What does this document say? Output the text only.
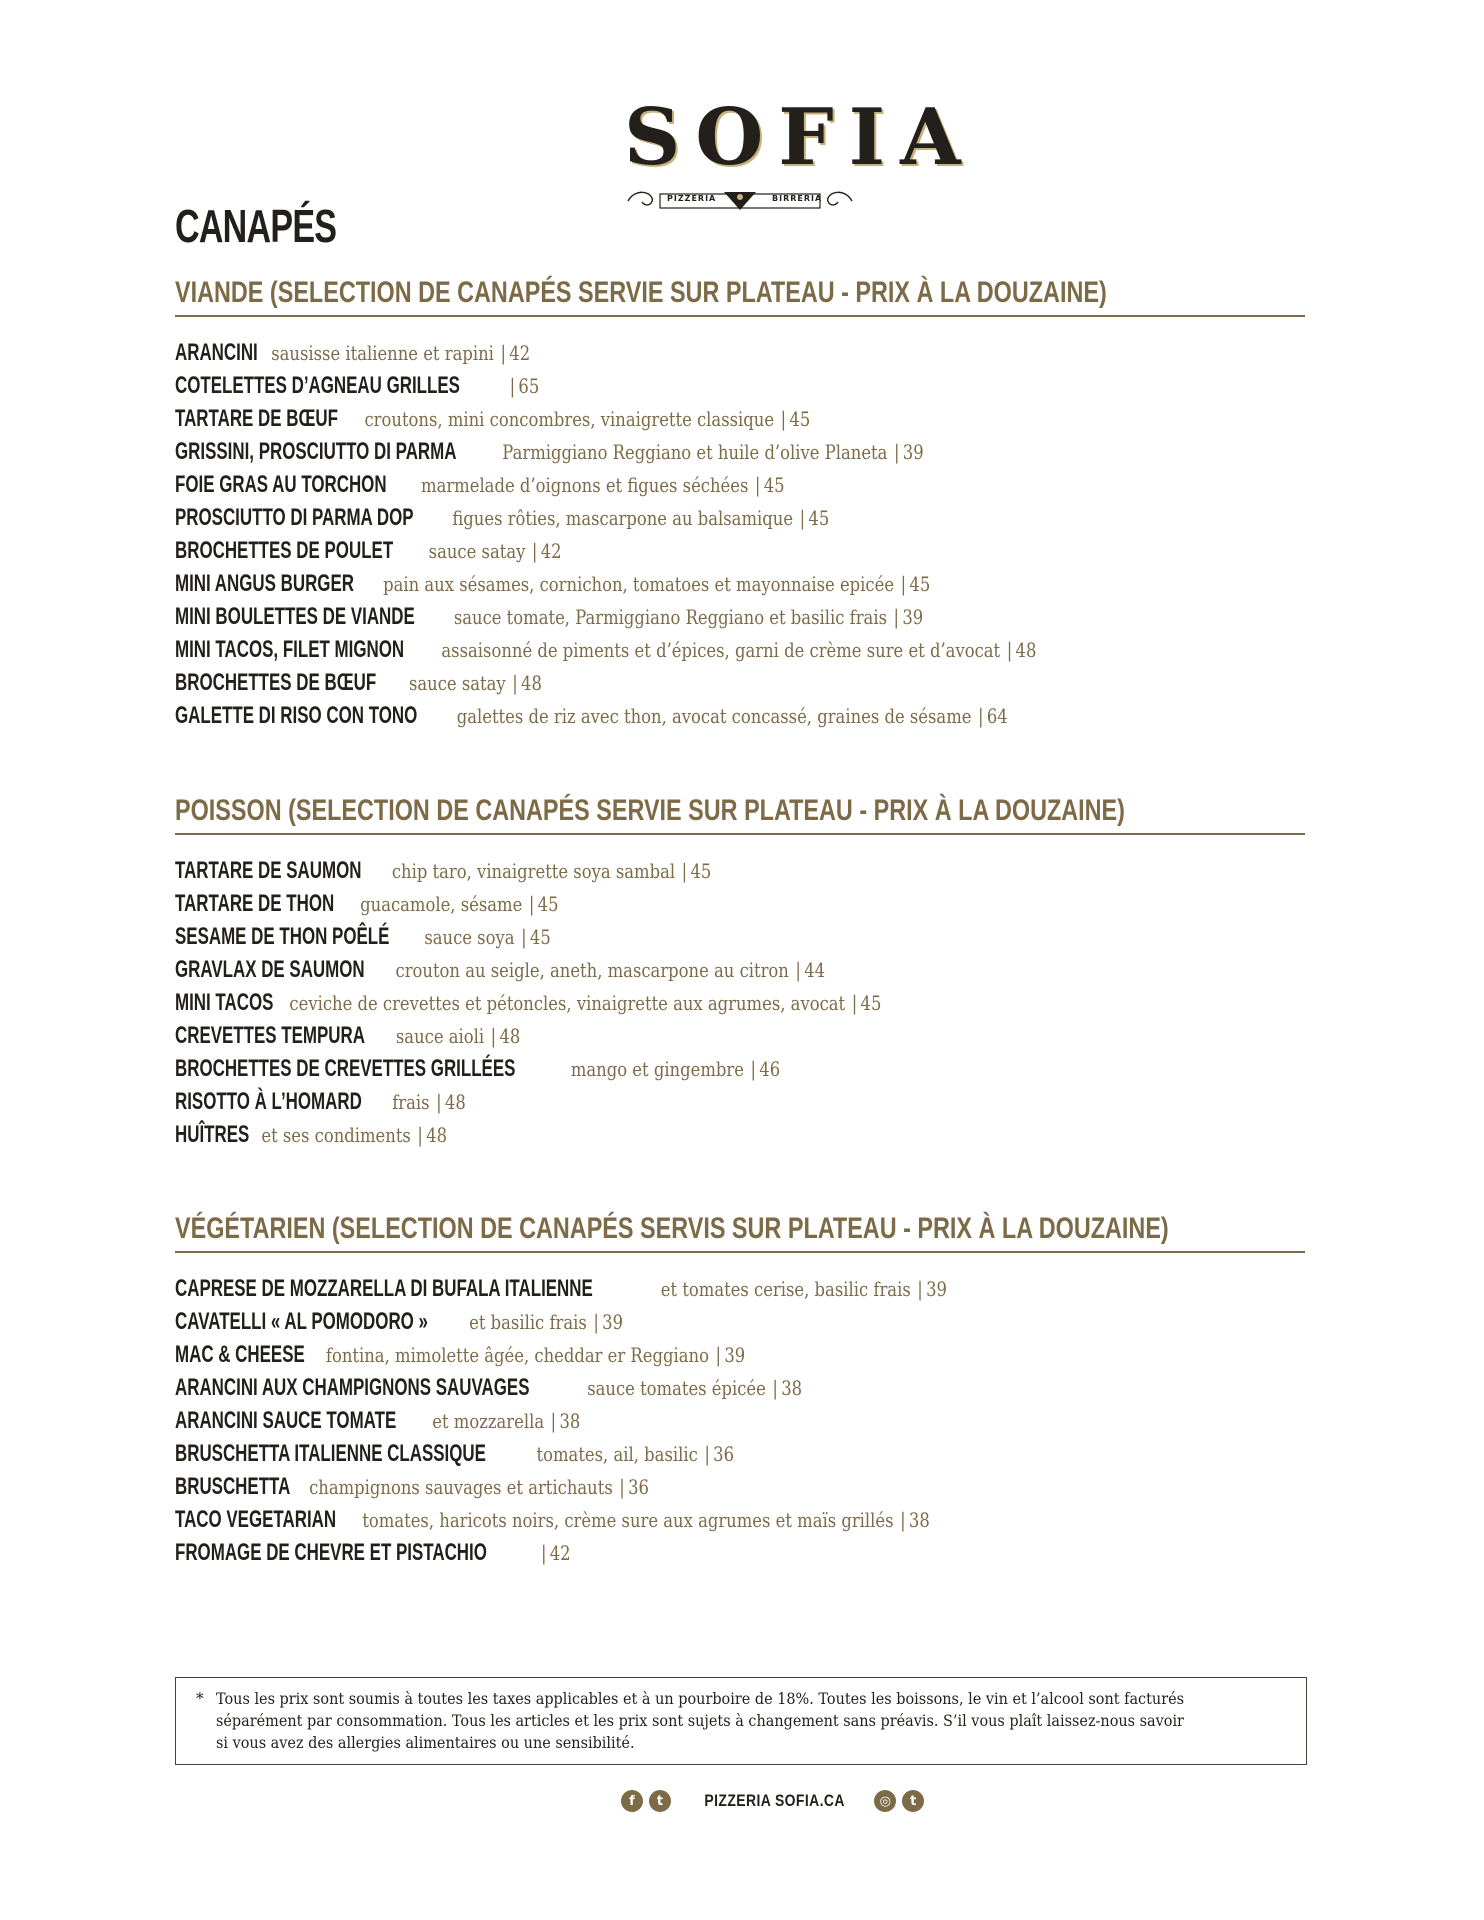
SOFIA
PIZZERIA	BIRRERIA
CANAPÉS
VIANDE (SELECTION DE CANAPÉS SERVIE SUR PLATEAU - PRIX À LA DOUZAINE)
ARANCINI sausisse italienne et rapini | 42
COTELETTES D’AGNEAU GRILLES | 65
TARTARE DE BŒUF croutons, mini concombres, vinaigrette classique | 45
GRISSINI, PROSCIUTTO DI PARMA Parmiggiano Reggiano et huile d’olive Planeta | 39
FOIE GRAS AU TORCHON marmelade d’oignons et figues séchées | 45
PROSCIUTTO DI PARMA DOP figues rôties, mascarpone au balsamique | 45
BROCHETTES DE POULET sauce satay | 42
MINI ANGUS BURGER pain aux sésames, cornichon, tomatoes et mayonnaise epicée | 45
MINI BOULETTES DE VIANDE sauce tomate, Parmiggiano Reggiano et basilic frais | 39
MINI TACOS, FILET MIGNON assaisonné de piments et d’épices, garni de crème sure et d’avocat | 48
BROCHETTES DE BŒUF sauce satay | 48
GALETTE DI RISO CON TONO galettes de riz avec thon, avocat concassé, graines de sésame | 64
POISSON (SELECTION DE CANAPÉS SERVIE SUR PLATEAU - PRIX À LA DOUZAINE)
TARTARE DE SAUMON chip taro, vinaigrette soya sambal | 45
TARTARE DE THON guacamole, sésame | 45
SESAME DE THON POÊLÉ sauce soya | 45
GRAVLAX DE SAUMON crouton au seigle, aneth, mascarpone au citron | 44
MINI TACOS ceviche de crevettes et pétoncles, vinaigrette aux agrumes, avocat | 45
CREVETTES TEMPURA sauce aioli | 48
BROCHETTES DE CREVETTES GRILLÉES	mango et gingembre | 46
RISOTTO À L’HOMARD frais | 48
HUÎTRES et ses condiments | 48
VÉGÉTARIEN (SELECTION DE CANAPÉS SERVIS SUR PLATEAU - PRIX À LA DOUZAINE)
CAPRESE DE MOZZARELLA DI BUFALA ITALIENNE	et tomates cerise, basilic frais | 39
CAVATELLI « AL POMODORO » et basilic frais | 39
MAC & CHEESE fontina, mimolette âgée, cheddar er Reggiano | 39
ARANCINI AUX CHAMPIGNONS SAUVAGES	sauce tomates épicée | 38
ARANCINI SAUCE TOMATE et mozzarella | 38
BRUSCHETTA ITALIENNE CLASSIQUE	tomates, ail, basilic | 36
BRUSCHETTA champignons sauvages et artichauts | 36
TACO VEGETARIAN tomates, haricots noirs, crème sure aux agrumes et maïs grillés | 38
FROMAGE DE CHEVRE ET PISTACHIO	| 42
* Tous les prix sont soumis à toutes les taxes applicables et à un pourboire de 18%. Toutes les boissons, le vin et l’alcool sont facturés
séparément par consommation. Tous les articles et les prix sont sujets à changement sans préavis. S’il vous plaît laissez-nous savoir
si vous avez des allergies alimentaires ou une sensibilité.
f	t	PIZZERIA SOFIA.CA	◎	t
